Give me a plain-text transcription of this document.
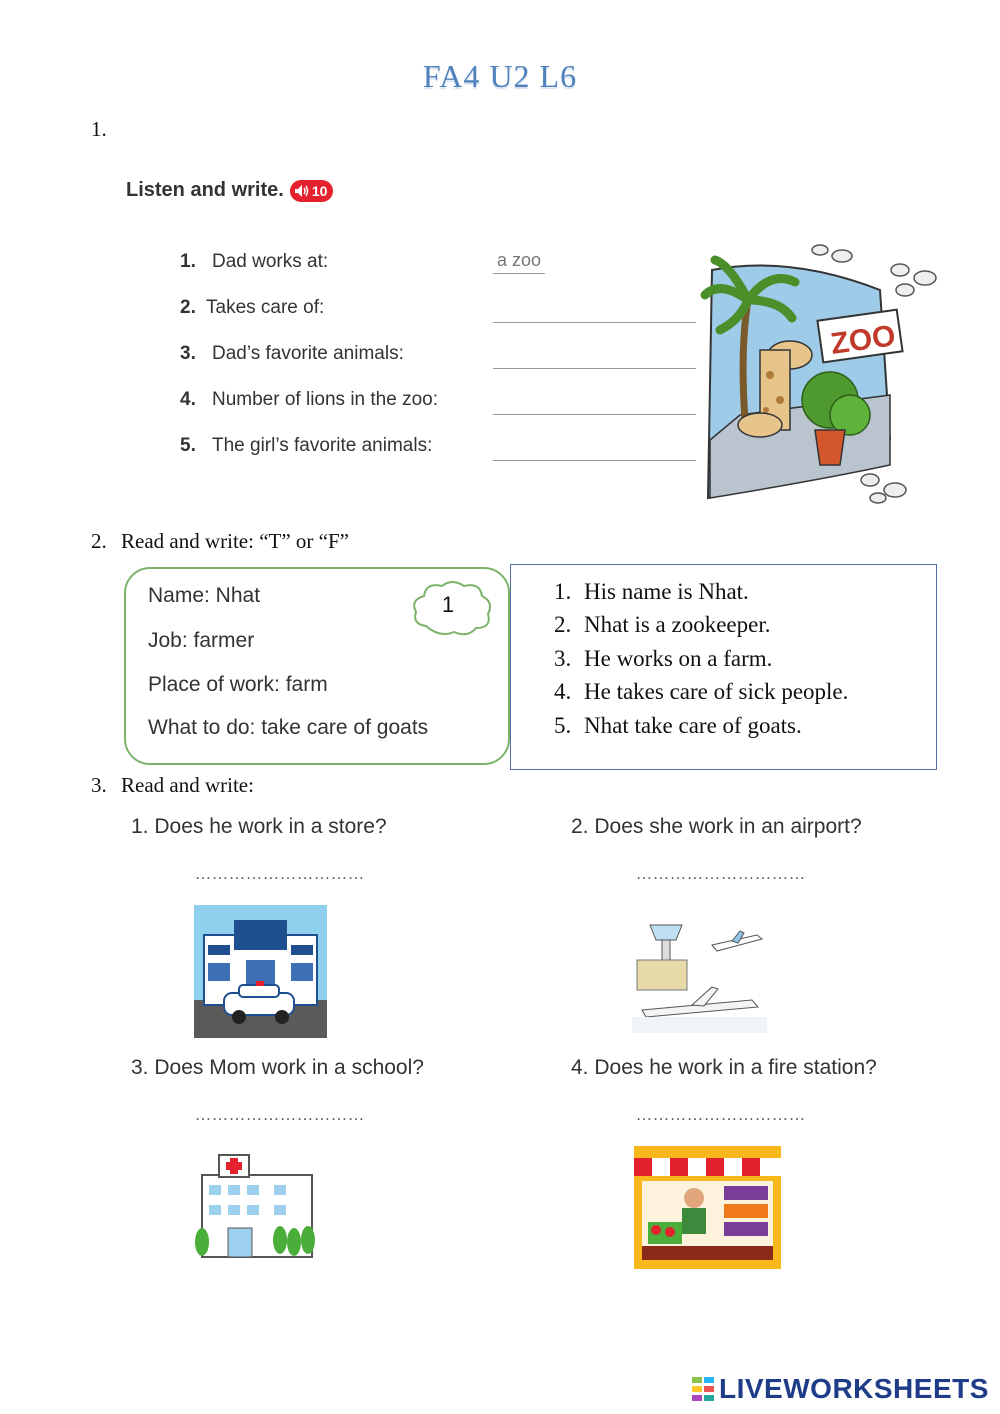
FA4 U2 L6
1.
Listen and write. 10
1. Dad works at:	a zoo
2. Takes care of:
3. Dad’s favorite animals:
4. Number of lions in the zoo:
5. The girl’s favorite animals:
ZOO
2. Read and write: “T” or “F”
Name: Nhat
Job: farmer
Place of work: farm
What to do: take care of goats
1
1. His name is Nhat.
2. Nhat is a zookeeper.
3. He works on a farm.
4. He takes care of sick people.
5. Nhat take care of goats.
3. Read and write:
1. Does he work in a store?	2. Does she work in an airport?
…………………………	…………………………
3. Does Mom work in a school?	4. Does he work in a fire station?
…………………………	…………………………
LIVEWORKSHEETS
